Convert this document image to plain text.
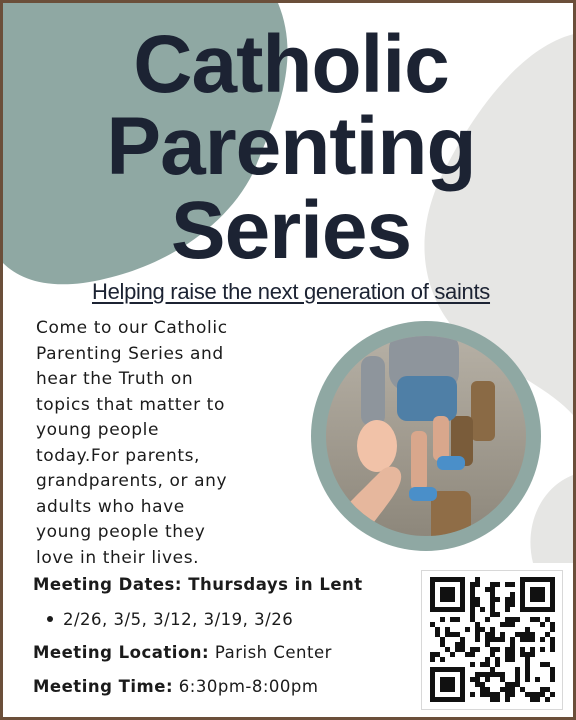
Catholic
Parenting
Series
Helping raise the next generation of saints
Come to our Catholic
Parenting Series and
hear the Truth on
topics that matter to
young people
today.For parents,
grandparents, or any
adults who have
young people they
love in their lives.
Meeting Dates: Thursdays in Lent
2/26, 3/5, 3/12, 3/19, 3/26
Meeting Location: Parish Center
Meeting Time: 6:30pm-8:00pm
